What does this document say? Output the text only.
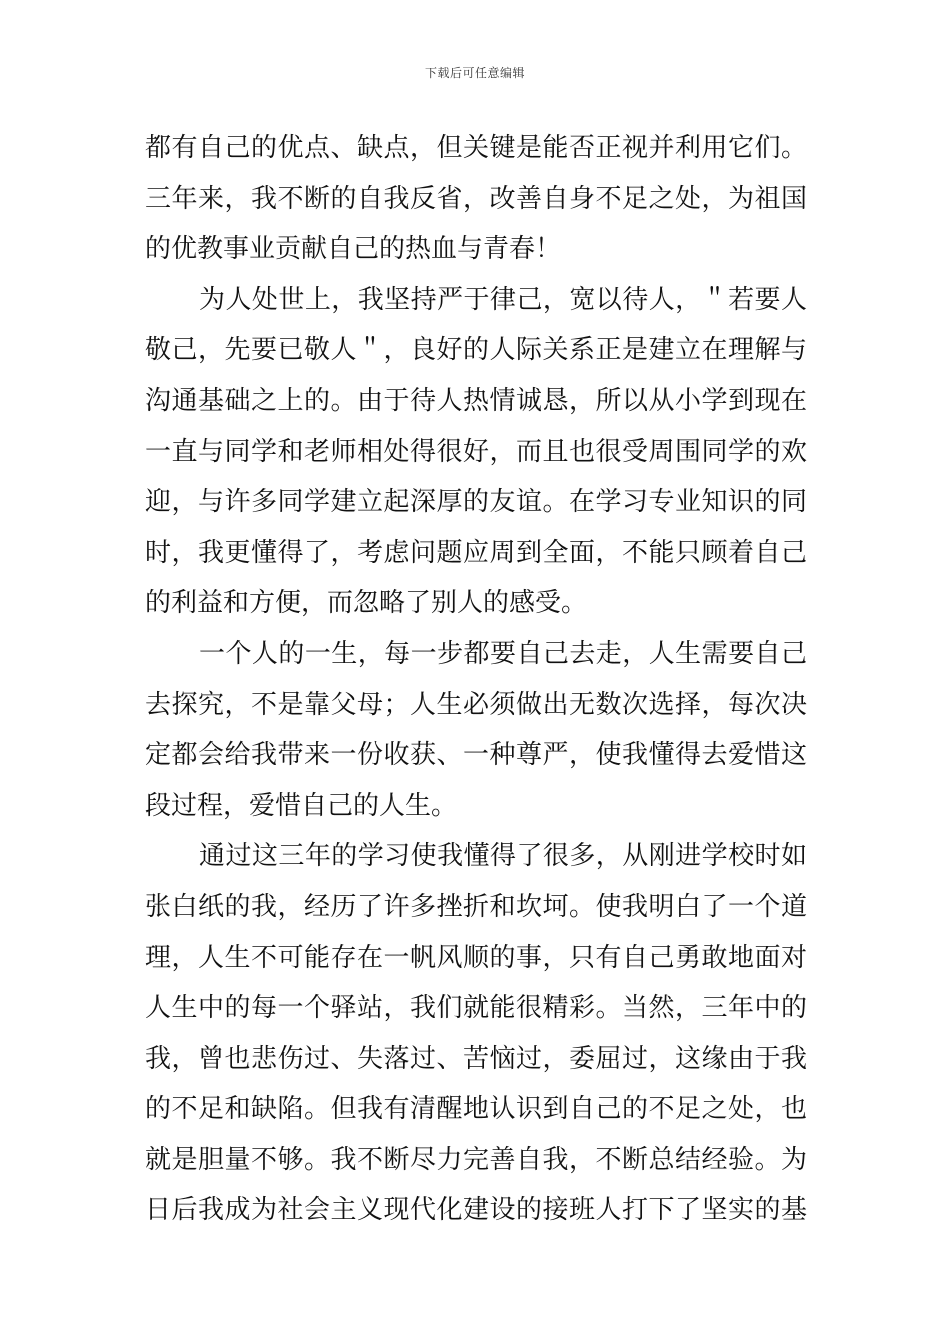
下载后可任意编辑
都有自己的优点、缺点，但关键是能否正视并利用它们。
三年来，我不断的自我反省，改善自身不足之处，为祖国
的优教事业贡献自己的热血与青春！
为人处世上，我坚持严于律己，宽以待人，＂若要人
敬己，先要已敬人＂，良好的人际关系正是建立在理解与
沟通基础之上的。由于待人热情诚恳，所以从小学到现在
一直与同学和老师相处得很好，而且也很受周围同学的欢
迎，与许多同学建立起深厚的友谊。在学习专业知识的同
时，我更懂得了，考虑问题应周到全面，不能只顾着自己
的利益和方便，而忽略了别人的感受。
一个人的一生，每一步都要自己去走，人生需要自己
去探究，不是靠父母；人生必须做出无数次选择，每次决
定都会给我带来一份收获、一种尊严，使我懂得去爱惜这
段过程，爱惜自己的人生。
通过这三年的学习使我懂得了很多，从刚进学校时如
张白纸的我，经历了许多挫折和坎坷。使我明白了一个道
理，人生不可能存在一帆风顺的事，只有自己勇敢地面对
人生中的每一个驿站，我们就能很精彩。当然，三年中的
我，曾也悲伤过、失落过、苦恼过，委屈过，这缘由于我
的不足和缺陷。但我有清醒地认识到自己的不足之处，也
就是胆量不够。我不断尽力完善自我，不断总结经验。为
日后我成为社会主义现代化建设的接班人打下了坚实的基
